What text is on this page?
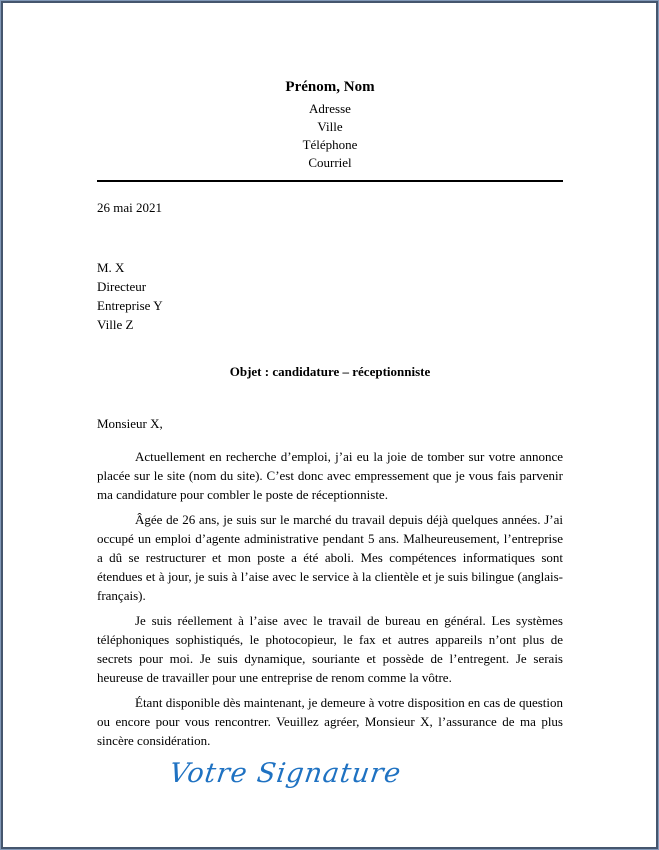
Prénom, Nom
Adresse
Ville
Téléphone
Courriel
26 mai 2021
M. X
Directeur
Entreprise Y
Ville Z
Objet : candidature – réceptionniste
Monsieur X,

Actuellement en recherche d’emploi, j’ai eu la joie de tomber sur votre annonce placée sur le site (nom du site). C’est donc avec empressement que je vous fais parvenir ma candidature pour combler le poste de réceptionniste.

Âgée de 26 ans, je suis sur le marché du travail depuis déjà quelques années. J’ai occupé un emploi d’agente administrative pendant 5 ans. Malheureusement, l’entreprise a dû se restructurer et mon poste a été aboli. Mes compétences informatiques sont étendues et à jour, je suis à l’aise avec le service à la clientèle et je suis bilingue (anglais-français).

Je suis réellement à l’aise avec le travail de bureau en général. Les systèmes téléphoniques sophistiqués, le photocopieur, le fax et autres appareils n’ont plus de secrets pour moi. Je suis dynamique, souriante et possède de l’entregent. Je serais heureuse de travailler pour une entreprise de renom comme la vôtre.

Étant disponible dès maintenant, je demeure à votre disposition en cas de question ou encore pour vous rencontrer. Veuillez agréer, Monsieur X, l’assurance de ma plus sincère considération.

Votre Signature
